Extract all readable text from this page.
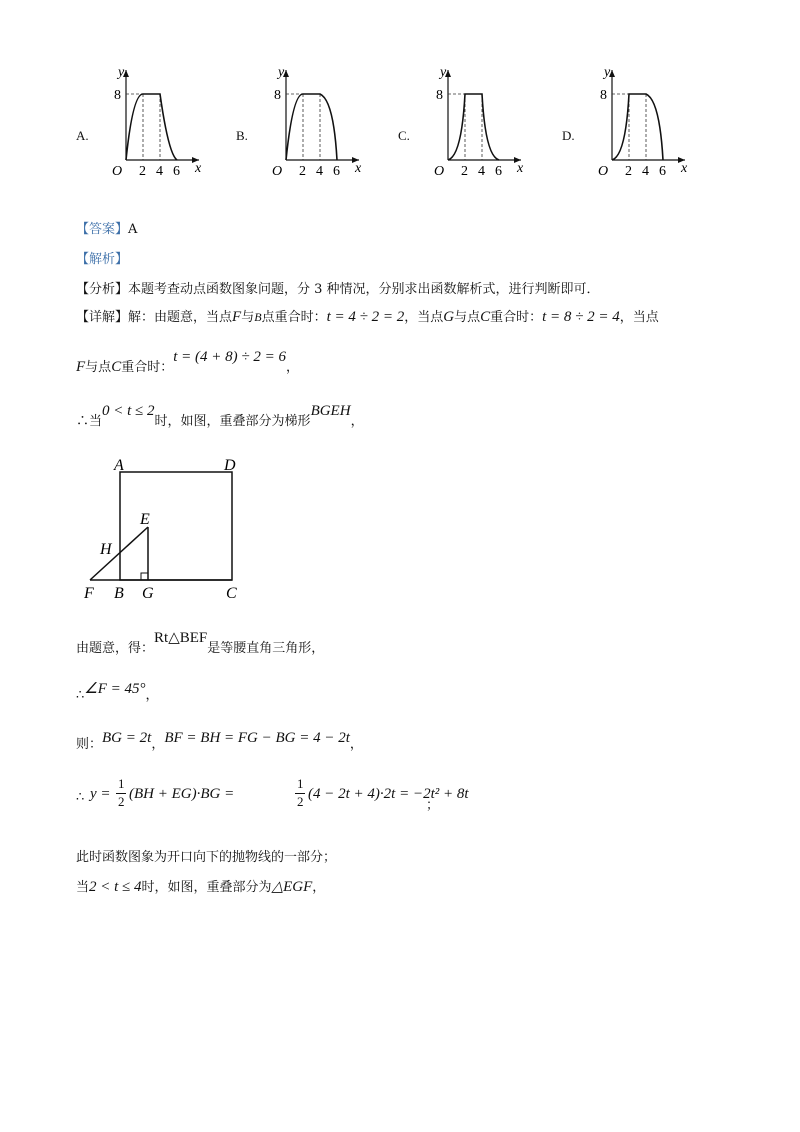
A.
y
8
O 2 4 6 x
B.
y
8
O 2 4 6 x
C.
y
8
O 2 4 6 x
D.
y
8
O 2 4 6 x
【答案】A
【解析】
【分析】本题考查动点函数图象问题，分 3 种情况，分别求出函数解析式，进行判断即可．
【详解】解：由题意，当点F与B点重合时：t = 4 ÷ 2 = 2，当点G与点C重合时：t = 8 ÷ 2 = 4，当点
F与点C重合时：t = (4 + 8) ÷ 2 = 6，
∴当0 < t ≤ 2时，如图，重叠部分为梯形BGEH，
A	D
E
H
F B G	C
由题意，得：Rt△BEF是等腰直角三角形，
∴∠F = 45°，
则：BG = 2t，BF = BH = FG − BG = 4 − 2t，
∴ y =
1
2 (BH + EG)·BG =
1
2 (4 − 2t + 4)·2t = −2t² + 8t
；
此时函数图象为开口向下的抛物线的一部分；
当2 < t ≤ 4时，如图，重叠部分为△EGF，
